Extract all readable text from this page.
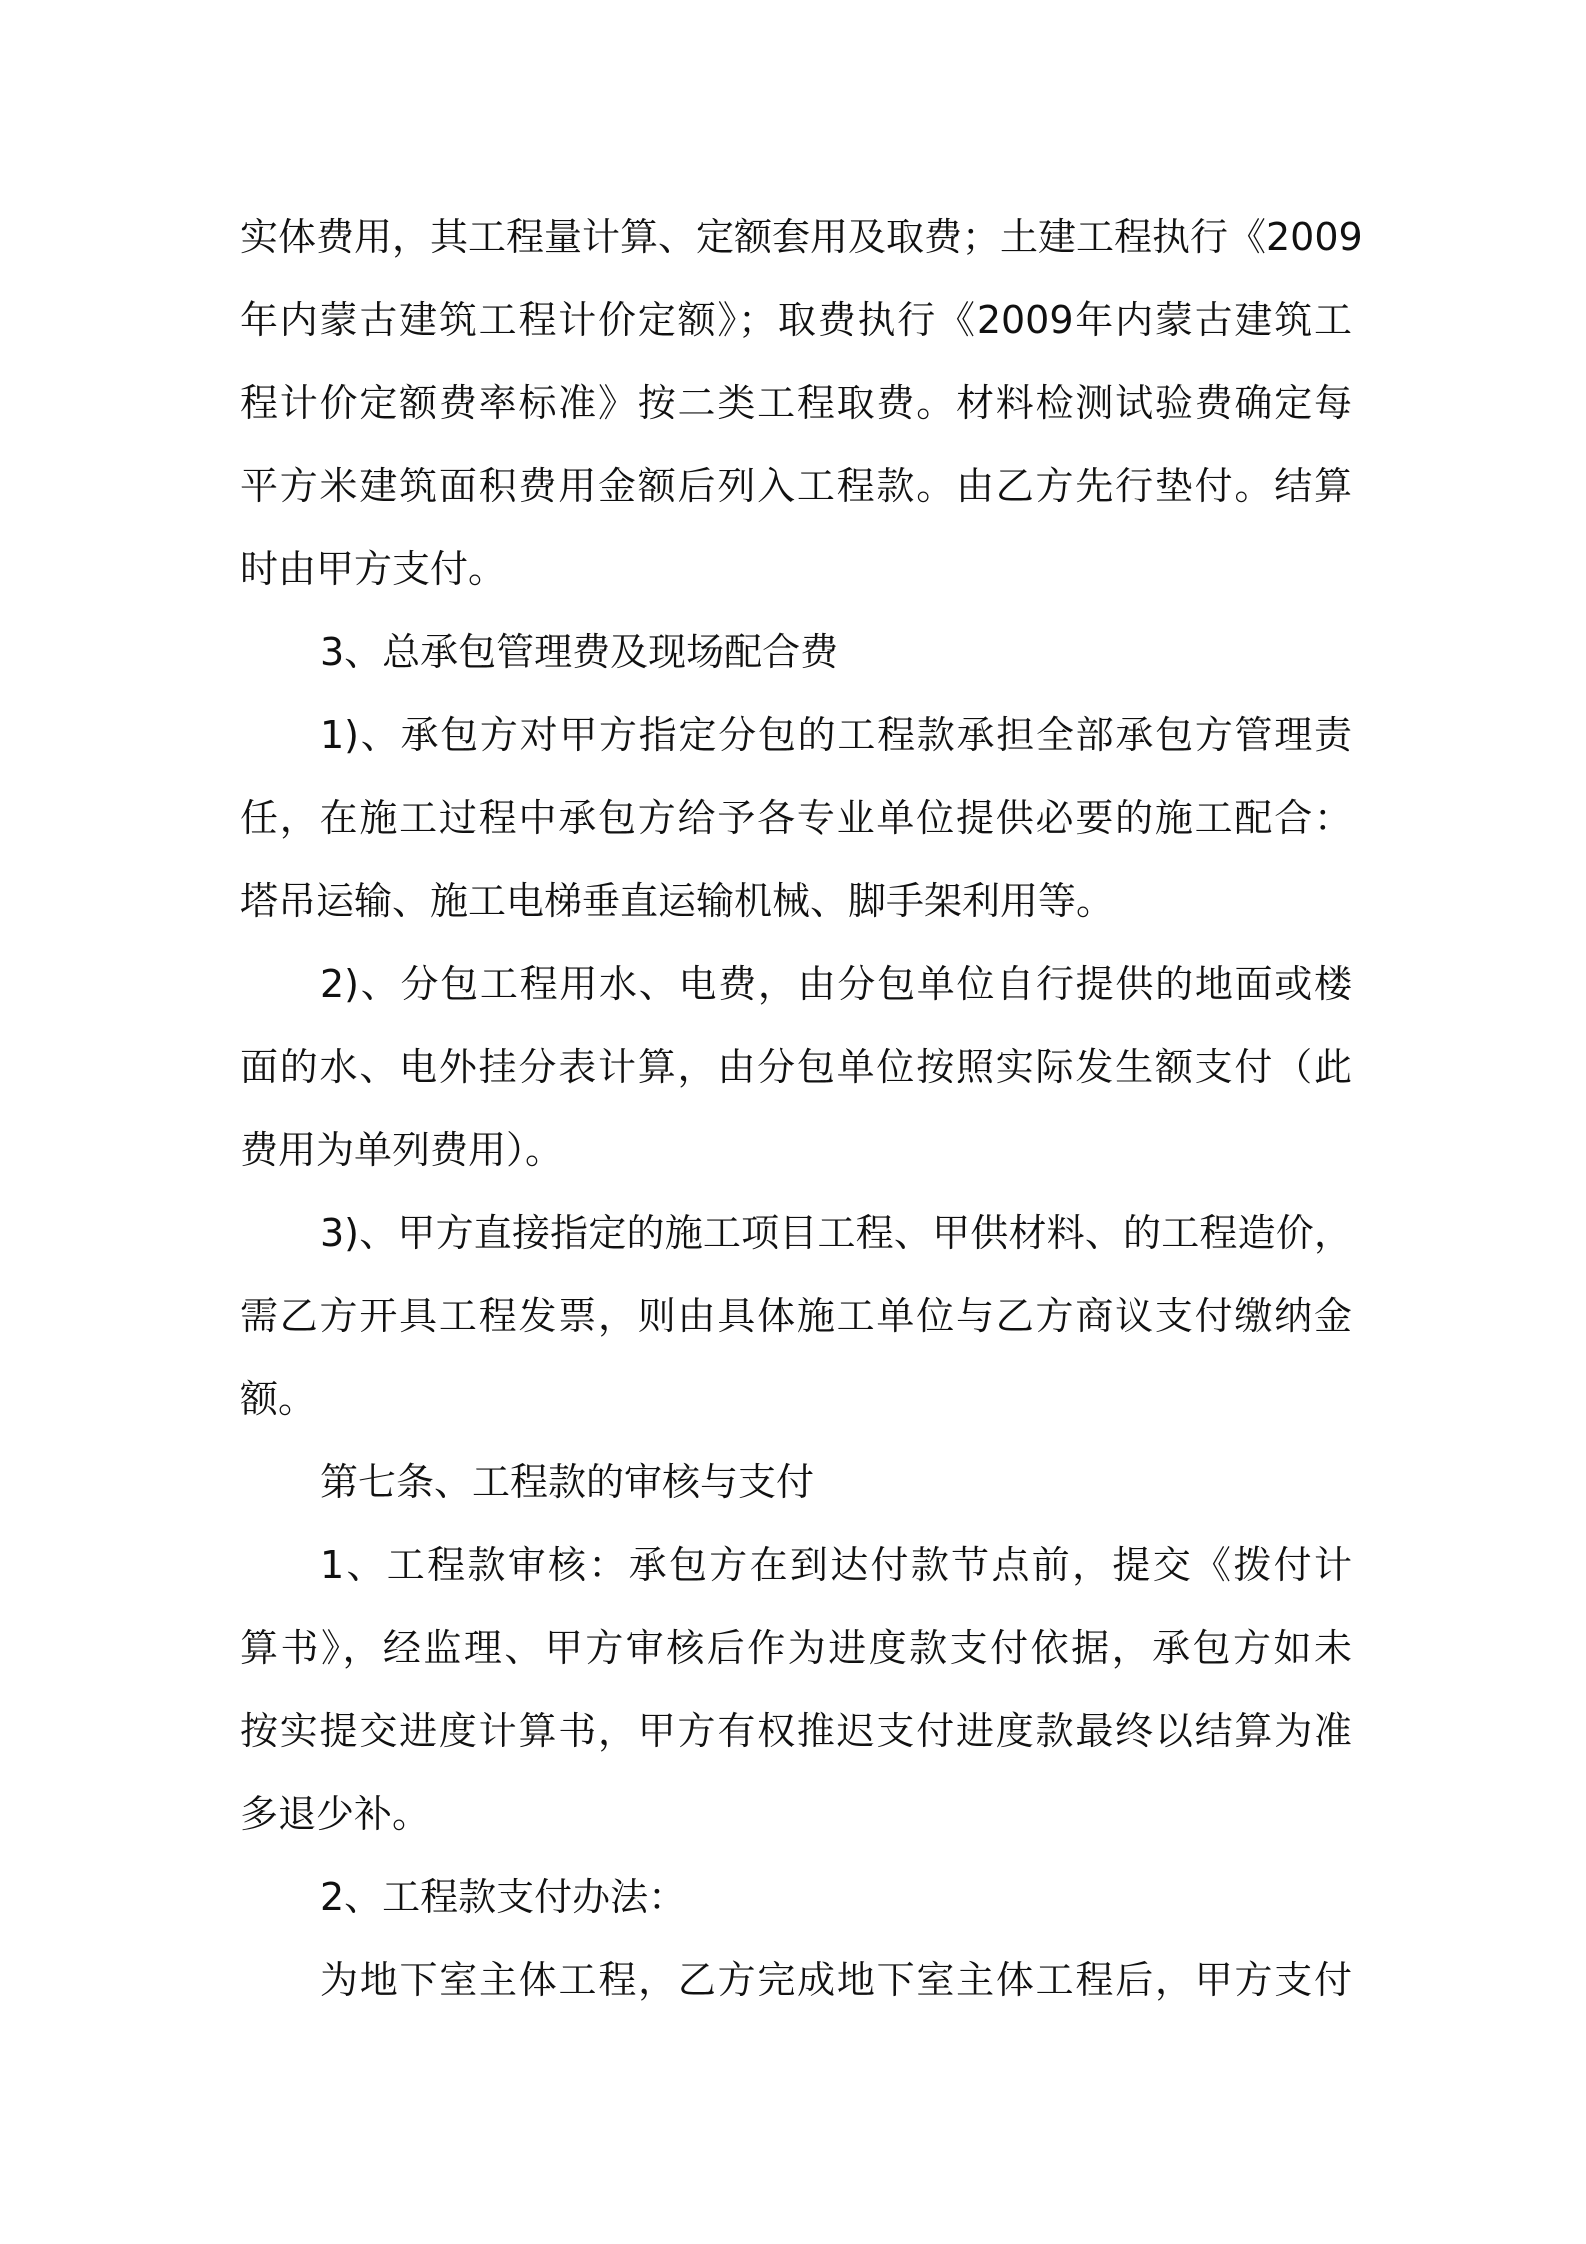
实体费用，其工程量计算、定额套用及取费；土建工程执行《2009
年内蒙古建筑工程计价定额》；取费执行《2009年内蒙古建筑工
程计价定额费率标准》按二类工程取费。材料检测试验费确定每
平方米建筑面积费用金额后列入工程款。由乙方先行垫付。结算
时由甲方支付。
3、总承包管理费及现场配合费
1)、承包方对甲方指定分包的工程款承担全部承包方管理责
任，在施工过程中承包方给予各专业单位提供必要的施工配合：
塔吊运输、施工电梯垂直运输机械、脚手架利用等。
2)、分包工程用水、电费，由分包单位自行提供的地面或楼
面的水、电外挂分表计算，由分包单位按照实际发生额支付（此
费用为单列费用）。
3)、甲方直接指定的施工项目工程、甲供材料、的工程造价，
需乙方开具工程发票，则由具体施工单位与乙方商议支付缴纳金
额。
第七条、工程款的审核与支付
1、工程款审核：承包方在到达付款节点前，提交《拨付计
算书》，经监理、甲方审核后作为进度款支付依据，承包方如未
按实提交进度计算书，甲方有权推迟支付进度款最终以结算为准
多退少补。
2、工程款支付办法：
为地下室主体工程，乙方完成地下室主体工程后，甲方支付
